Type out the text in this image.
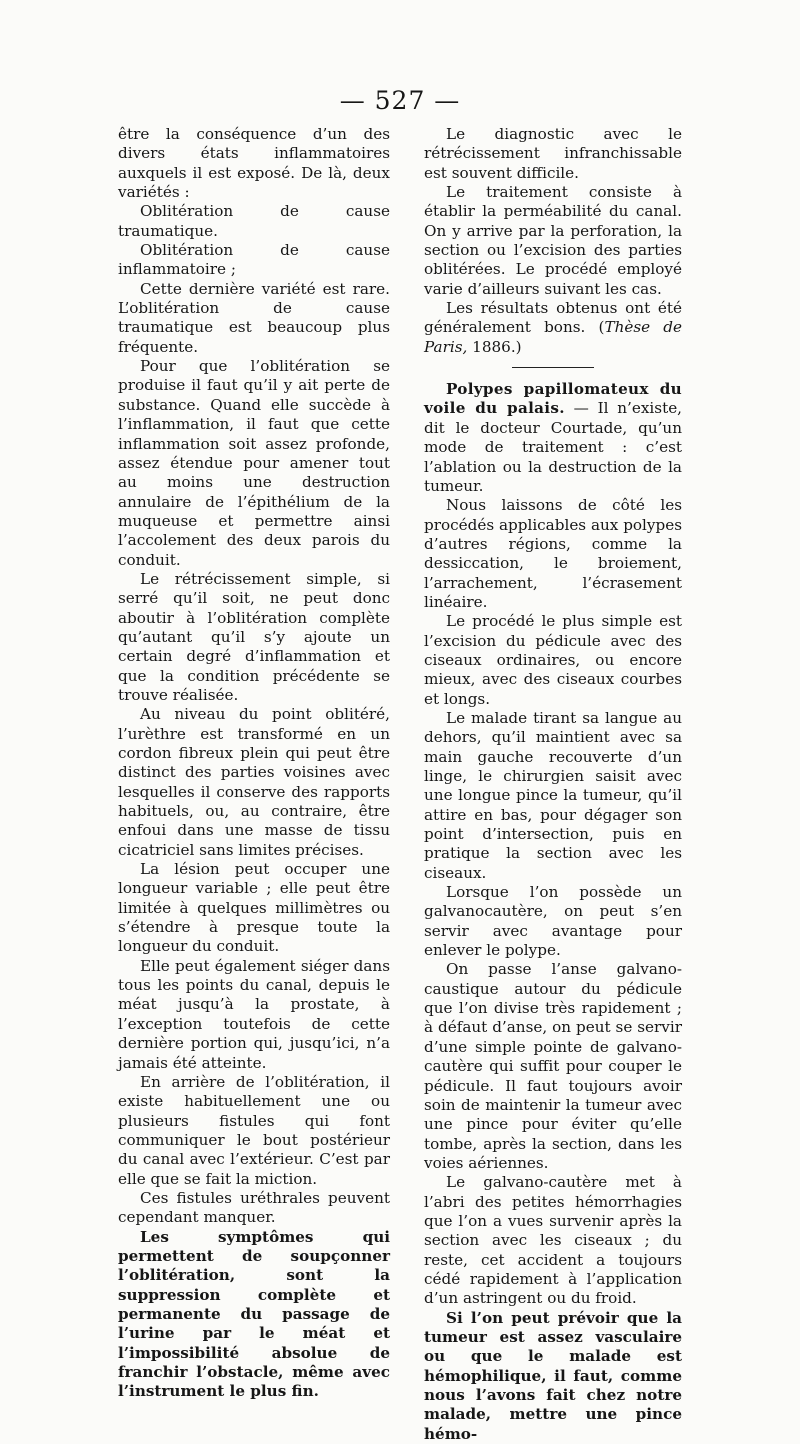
— 527 —

être la conséquence d’un des divers états inflammatoires auxquels il est exposé. De là, deux variétés :

Oblitération de cause traumatique.

Oblitération de cause inflammatoire ;

Cette dernière variété est rare. L’oblitération de cause traumatique est beaucoup plus fréquente.

Pour que l’oblitération se produise il faut qu’il y ait perte de substance. Quand elle succède à l’inflammation, il faut que cette inflammation soit assez profonde, assez étendue pour amener tout au moins une destruction annulaire de l’épithélium de la muqueuse et permettre ainsi l’accolement des deux parois du conduit.

Le rétrécissement simple, si serré qu’il soit, ne peut donc aboutir à l’oblitération complète qu’autant qu’il s’y ajoute un certain degré d’inflammation et que la condition précédente se trouve réalisée.

Au niveau du point oblitéré, l’urèthre est transformé en un cordon fibreux plein qui peut être distinct des parties voisines avec lesquelles il conserve des rapports habituels, ou, au contraire, être enfoui dans une masse de tissu cicatriciel sans limites précises.

La lésion peut occuper une longueur variable ; elle peut être limitée à quelques millimètres ou s’étendre à presque toute la longueur du conduit.

Elle peut également siéger dans tous les points du canal, depuis le méat jusqu’à la prostate, à l’exception toutefois de cette dernière portion qui, jusqu’ici, n’a jamais été atteinte.

En arrière de l’oblitération, il existe habituellement une ou plusieurs fistules qui font communiquer le bout postérieur du canal avec l’extérieur. C’est par elle que se fait la miction.

Ces fistules uréthrales peuvent cependant manquer.

Les symptômes qui permettent de soupçonner l’oblitération, sont la suppression complète et permanente du passage de l’urine par le méat et l’impossibilité absolue de franchir l’obstacle, même avec l’instrument le plus fin.

Le diagnostic avec le rétrécissement infranchissable est souvent difficile.

Le traitement consiste à établir la perméabilité du canal. On y arrive par la perforation, la section ou l’excision des parties oblitérées. Le procédé employé varie d’ailleurs suivant les cas.

Les résultats obtenus ont été généralement bons. (Thèse de Paris, 1886.)

Polypes papillomateux du voile du palais. — Il n’existe, dit le docteur Courtade, qu’un mode de traitement : c’est l’ablation ou la destruction de la tumeur.

Nous laissons de côté les procédés applicables aux polypes d’autres régions, comme la dessiccation, le broiement, l’arrachement, l’écrasement linéaire.

Le procédé le plus simple est l’excision du pédicule avec des ciseaux ordinaires, ou encore mieux, avec des ciseaux courbes et longs.

Le malade tirant sa langue au dehors, qu’il maintient avec sa main gauche recouverte d’un linge, le chirurgien saisit avec une longue pince la tumeur, qu’il attire en bas, pour dégager son point d’intersection, puis en pratique la section avec les ciseaux.

Lorsque l’on possède un galvanocautère, on peut s’en servir avec avantage pour enlever le polype.

On passe l’anse galvano-caustique autour du pédicule que l’on divise très rapidement ; à défaut d’anse, on peut se servir d’une simple pointe de galvano-cautère qui suffit pour couper le pédicule. Il faut toujours avoir soin de maintenir la tumeur avec une pince pour éviter qu’elle tombe, après la section, dans les voies aériennes.

Le galvano-cautère met à l’abri des petites hémorrhagies que l’on a vues survenir après la section avec les ciseaux ; du reste, cet accident a toujours cédé rapidement à l’application d’un astringent ou du froid.

Si l’on peut prévoir que la tumeur est assez vasculaire ou que le malade est hémophilique, il faut, comme nous l’avons fait chez notre malade, mettre une pince hémo-
